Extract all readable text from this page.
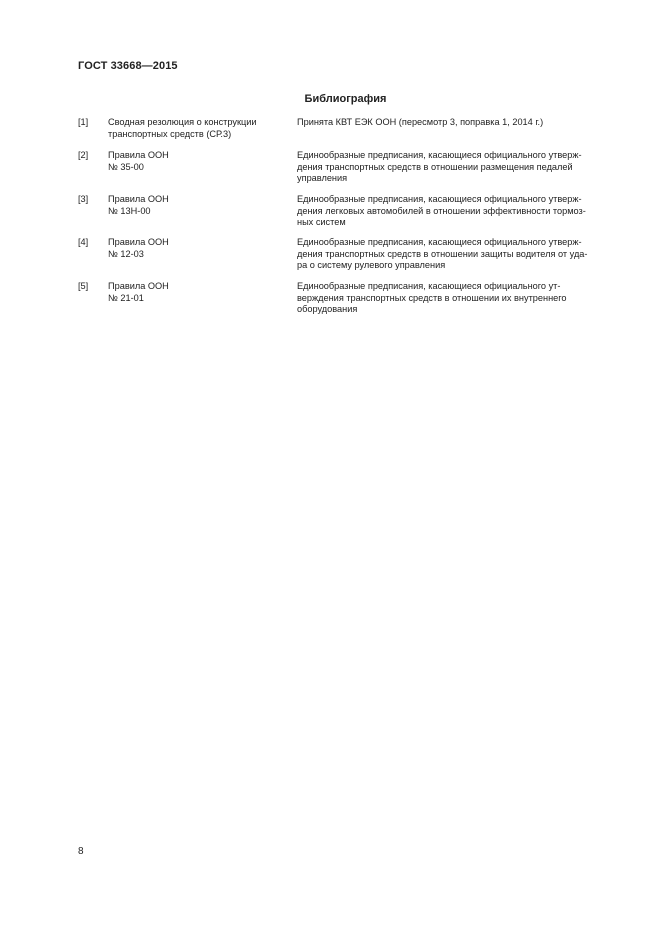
ГОСТ 33668—2015
Библиография
[1] Сводная резолюция о конструкции
транспортных средств (СР.3)
Принята КВТ ЕЭК ООН (пересмотр 3, поправка 1, 2014 г.)
[2] Правила ООН
№ 35-00
Единообразные предписания, касающиеся официального утверж-
дения транспортных средств в отношении размещения педалей
управления
[3] Правила ООН
№ 13Н-00
Единообразные предписания, касающиеся официального утверж-
дения легковых автомобилей в отношении эффективности тормоз-
ных систем
[4] Правила ООН
№ 12-03
Единообразные предписания, касающиеся официального утверж-
дения транспортных средств в отношении защиты водителя от уда-
ра о систему рулевого управления
[5] Правила ООН
№ 21-01
Единообразные предписания, касающиеся официального ут-
верждения транспортных средств в отношении их внутреннего
оборудования
8
